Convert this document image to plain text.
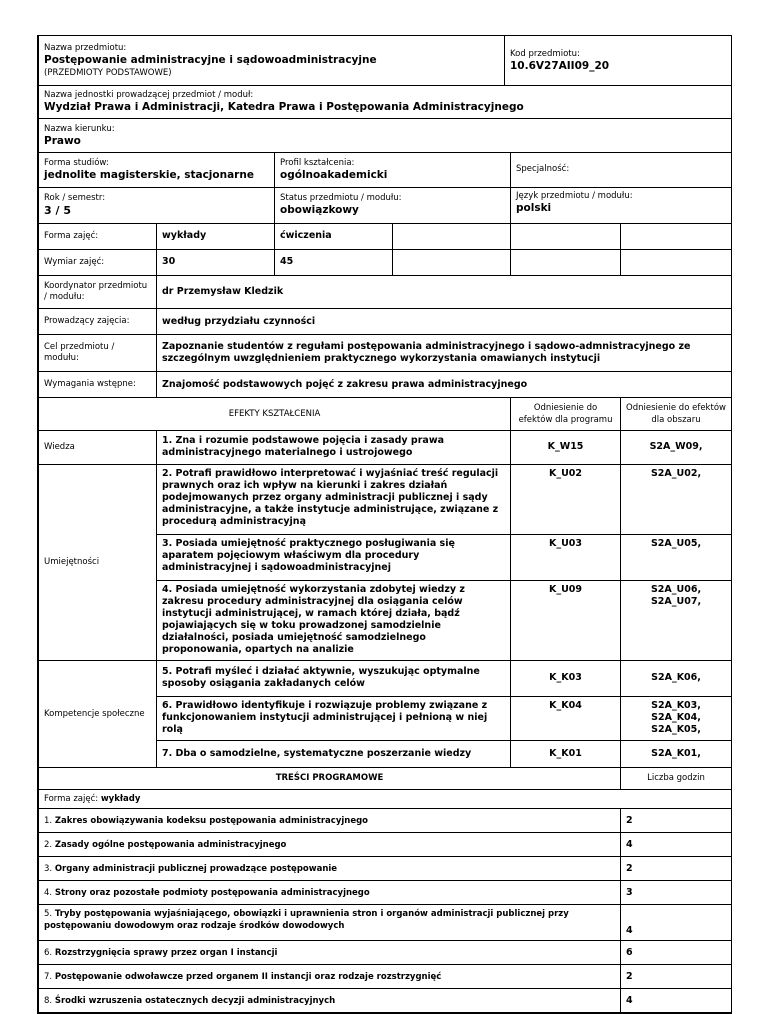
Nazwa przedmiotu:
Postępowanie administracyjne i sądowoadministracyjne
(PRZEDMIOTY PODSTAWOWE)	
Kod przedmiotu:
10.6V27AII09_20

Nazwa jednostki prowadzącej przedmiot / moduł:
Wydział Prawa i Administracji, Katedra Prawa i Postępowania Administracyjnego

Nazwa kierunku:
Prawo
Forma studiów:
jednolite magisterskie, stacjonarne		Profil kształcenia:
ogólnoakademicki		Specjalność:	

Rok / semestr:
3 / 5		Status przedmiotu / modułu:
obowiązkowy		Język przedmiotu / modułu:
polski	

Forma zajęć:	wykłady	ćwiczenia			

Wymiar zajęć:	30	45			
Koordynator przedmiotu / modułu:	dr Przemysław Kledzik

Prowadzący zajęcia:	według przydziału czynności

Cel przedmiotu / modułu:	Zapoznanie studentów z regułami postępowania administracyjnego i sądowo-admnistracyjnego ze szczególnym uwzględnieniem praktycznego wykorzystania omawianych instytucji

Wymagania wstępne:	Znajomość podstawowych pojęć z zakresu prawa administracyjnego
EFEKTY KSZTAŁCENIA		Odniesienie do efektów dla programu	Odniesienie do efektów dla obszaru
Wiedza	1. Zna i rozumie podstawowe pojęcia i zasady prawa administracyjnego materialnego i ustrojowego	K_W15	S2A_W09,
Umiejętności	2. Potrafi prawidłowo interpretować i wyjaśniać treść regulacji prawnych oraz ich wpływ na kierunki i zakres działań podejmowanych przez organy administracji publicznej i sądy administracyjne, a także instytucje administrujące, związane z procedurą administracyjną	K_U02	S2A_U02,
	3. Posiada umiejętność praktycznego posługiwania się aparatem pojęciowym właściwym dla procedury administracyjnej i sądowoadministracyjnej	K_U03	S2A_U05,
	4. Posiada umiejętność wykorzystania zdobytej wiedzy z zakresu procedury administracyjnej dla osiągania celów instytucji administrującej, w ramach której działa, bądź pojawiających się w toku prowadzonej samodzielnie działalności, posiada umiejętność samodzielnego proponowania, opartych na analizie	K_U09	S2A_U06,
S2A_U07,
Kompetencje społeczne	5. Potrafi myśleć i działać aktywnie, wyszukując optymalne sposoby osiągania zakładanych celów	K_K03	S2A_K06,
	6. Prawidłowo identyfikuje i rozwiązuje problemy związane z funkcjonowaniem instytucji administrującej i pełnioną w niej rolą	K_K04	S2A_K03,
S2A_K04,
S2A_K05,
	7. Dba o samodzielne, systematyczne poszerzanie wiedzy	K_K01	S2A_K01,
TREŚCI PROGRAMOWE	Liczba godzin
Forma zajęć: wykłady	
1. Zakres obowiązywania kodeksu postępowania administracyjnego	2
2. Zasady ogólne postępowania administracyjnego	4
3. Organy administracji publicznej prowadzące postępowanie	2
4. Strony oraz pozostałe podmioty postępowania administracyjnego	3
5. Tryby postępowania wyjaśniającego, obowiązki i uprawnienia stron i organów administracji publicznej przy postępowaniu dowodowym oraz rodzaje środków dowodowych	4
6. Rozstrzygnięcia sprawy przez organ I instancji	6
7. Postępowanie odwoławcze przed organem II instancji oraz rodzaje rozstrzygnięć	2
8. Środki wzruszenia ostatecznych decyzji administracyjnych	4
